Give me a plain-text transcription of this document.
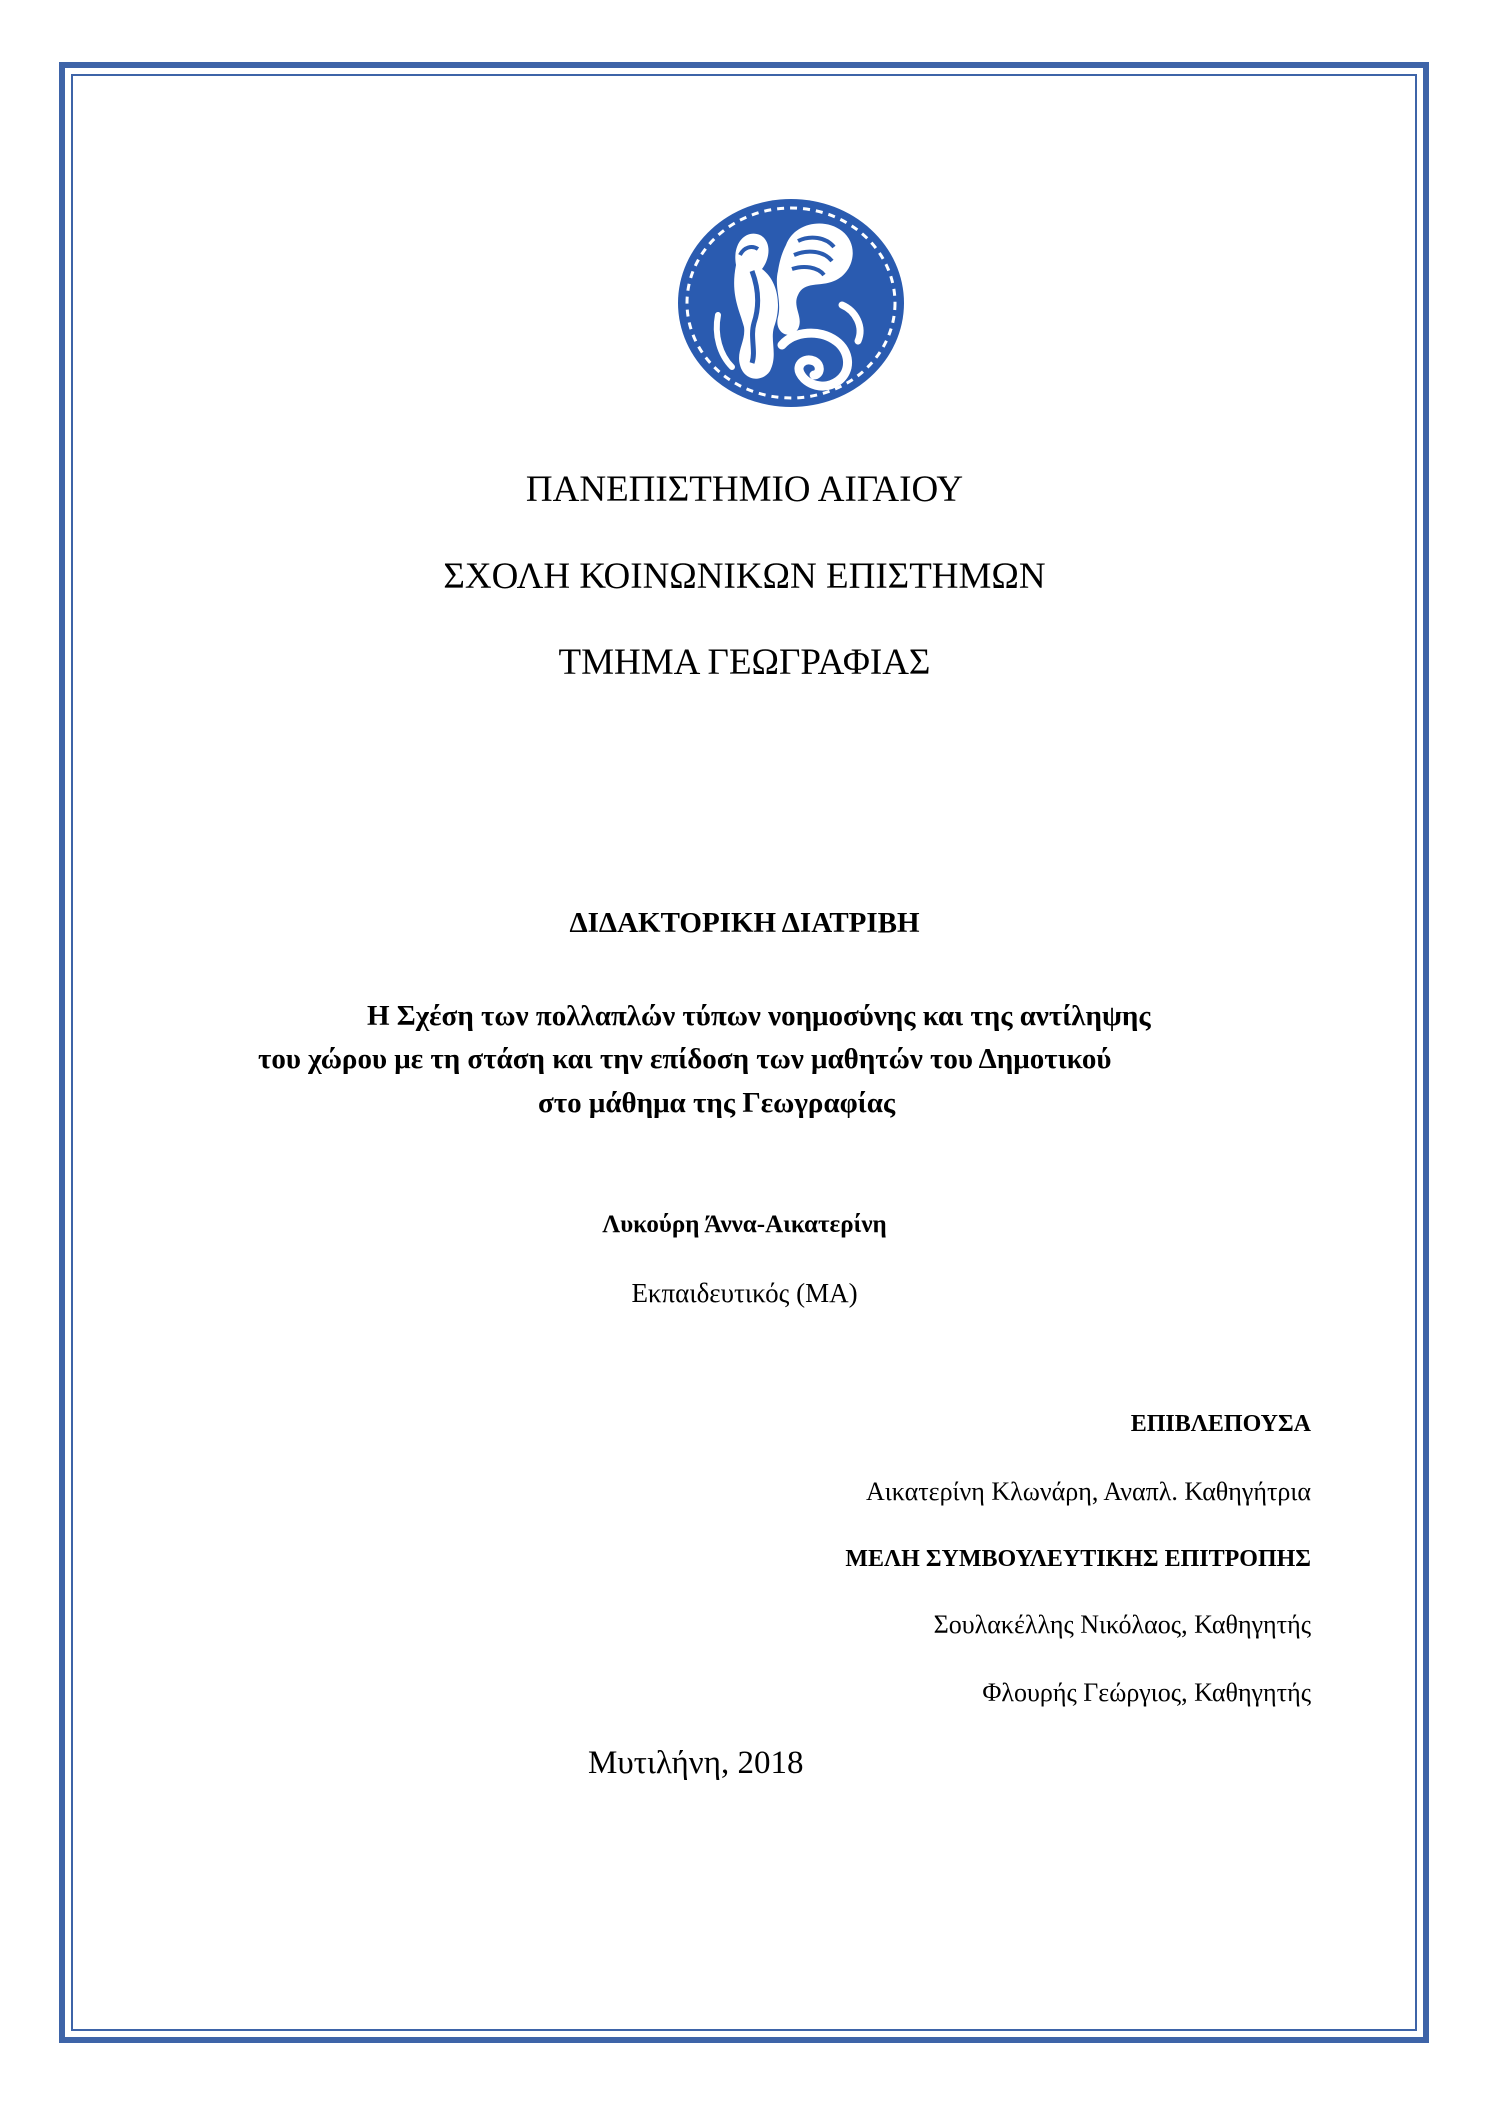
ΠΑΝΕΠΙΣΤΗΜΙΟ ΑΙΓΑΙΟΥ
ΣΧΟΛΗ ΚΟΙΝΩΝΙΚΩΝ ΕΠΙΣΤΗΜΩΝ
ΤΜΗΜΑ ΓΕΩΓΡΑΦΙΑΣ
ΔΙΔΑΚΤΟΡΙΚΗ ΔΙΑΤΡΙΒΗ
Η Σχέση των πολλαπλών τύπων νοημοσύνης και της αντίληψης
του χώρου με τη στάση και την επίδοση των μαθητών του Δημοτικού
στο μάθημα της Γεωγραφίας
Λυκούρη Άννα-Αικατερίνη
Εκπαιδευτικός (ΜΑ)
ΕΠΙΒΛΕΠΟΥΣΑ
Αικατερίνη Κλωνάρη, Αναπλ. Καθηγήτρια
ΜΕΛΗ ΣΥΜΒΟΥΛΕΥΤΙΚΗΣ ΕΠΙΤΡΟΠΗΣ
Σουλακέλλης Νικόλαος, Καθηγητής
Φλουρής Γεώργιος, Καθηγητής
Μυτιλήνη, 2018
